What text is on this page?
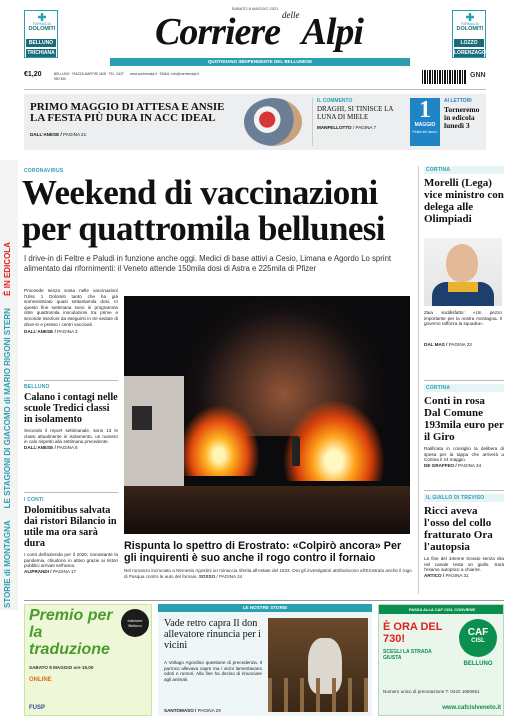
FARMACIA
DOLOMITI
BELLUNO
TRICHIANA
SABATO 8 MAGGIO 2021
Corriere $^{delle}$Alpi	FARMACIA
DOLOMITI
LOZZO
LORENZAGO
QUOTIDIANO INDIPENDENTE DEL BELLUNESE
€1,20	BELLUNO · PIAZZA MARTIRI 26/B · TEL. 0437 950 350
www.corrierealpi.it · EMAIL: info@corrierealpi.it	GNN
PRIMO MAGGIO DI ATTESA E ANSIE LA FESTA PIÙ DURA IN ACC IDEAL
DALL'ANESE / PAGINA 21
IL COMMENTO
DRAGHI, SI TINISCE LA LUNA DI MIELE
MANFELLOTTO / PAGINA 7
1
MAGGIO
Festa del lavoro
AI LETTORI
Torneremo in edicola lunedì 3
STORIE di MONTAGNA LE STAGIONI DI GIACOMO di MARIO RIGONI STERN È IN EDICOLA
CORONAVIRUS
Weekend di vaccinazioni per quattromila bellunesi
I drive-in di Feltre e Paludi in funzione anche oggi. Medici di base attivi a Cesio, Limana e Agordo Lo sprint alimentato dai rifornimenti: il Veneto attende 150mila dosi di Astra e 225mila di Pfizer
Proceede senza sosta nelle vaccinazioni l'Ulss 1 Dolomiti tanto che ha già somministrato quasi settantamila dosi. In questo fine settimana sono in programma oltre quattromila inoculazioni tra prime e seconde iniezioni da eseguirsi in tre sedute di drive-in e presso i centri vaccinali.
DALL'ANESE / PAGINA 3
BELLUNO
Calano i contagi nelle scuole Tredici classi in isolamento
Secondo il report settimanale, sono 13 le classi attualmente in isolamento, un numero in calo rispetto alla settimana precedente.
DALL'ANESE / PAGINA 5
I CONTI
Dolomitibus salvata dai ristori Bilancio in utile ma ora sarà dura
I conti dell'azienda per il 2020, nonostante la pandemia, chiudono in attivo grazie ai ristori pubblici arrivati nell'anno.
ALIPRANDI / PAGINA 17
Rispunta lo spettro di Erostrato: «Colpirò ancora» Per gli inquirenti è suo anche il rogo contro il fornaio
Nel romanzo incrociato a Nemesio Agostini un minaccia riferita all'estate del 1933. Ora gli investigatori attribuiscono all'Erostrato anche il rogo di Pasqua contro le auto del fornaio. SOSSO / PAGINA 24
CORTINA
Morelli (Lega) vice ministro con delega alle Olimpiadi
Zaia soddisfatto: «Un pezzo importante per la nostra montagna. Il governo rafforza la squadra».
DAL MAS / PAGINA 23
CORTINA
Conti in rosa Dal Comune 193mila euro per il Giro
Ratificata in consiglio la delibera di spesa per la tappa che arriverà a Cortina il 24 maggio.
DE GRAFFEO / PAGINA 34
IL GIALLO DI TREVISO
Ricci aveva l'osso del collo fratturato Ora l'autopsia
La fine del 34enne trovato senza vita nel canale resta un giallo. Sarà l'esame autoptico a chiarire.
ARTICO / PAGINA 31
Premio per la traduzione
edizione Belluno
SABATO 8 MAGGIO ore 15.00
ONLINE
FUSP
LE NOSTRE STORIE
Vade retro capra Il don allevatore rinuncia per i vicini
A Voltago Agordino questione di precedenza. Il parroco allevava capre ma i vicini lamentavano odori e rumori. Alla fine ha deciso di rinunciare agli animali.
SANTOMASO / PAGINA 29
PASSA ALLA CAF CISL CONVIENE
È ORA DEL 730!
SCEGLI LA STRADA GIUSTA
CAF
CISL
BELLUNO
Numero unico di prenotazione T. 0422 1660661
www.cafcislveneto.it
